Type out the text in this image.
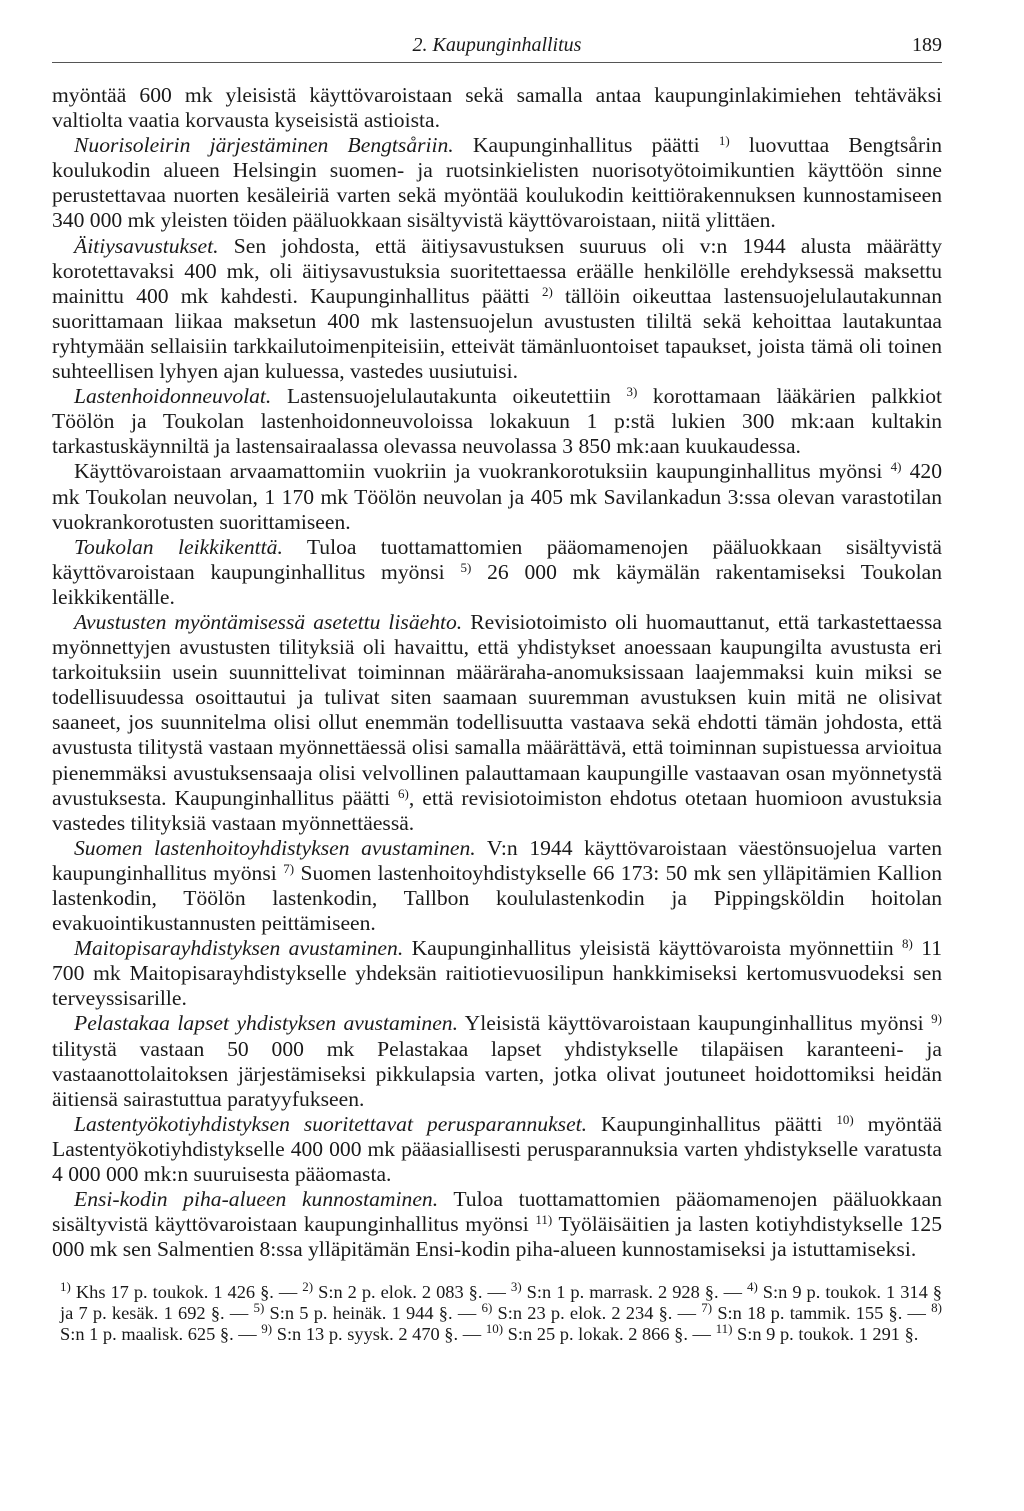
2. Kaupunginhallitus	189

myöntää 600 mk yleisistä käyttövaroistaan sekä samalla antaa kaupunginlakimiehen tehtäväksi valtiolta vaatia korvausta kyseisistä astioista.

Nuorisoleirin järjestäminen Bengtsåriin. Kaupunginhallitus päätti $^{1)}$ luovuttaa Bengtsårin koulukodin alueen Helsingin suomen- ja ruotsinkielisten nuorisotyötoimikuntien käyttöön sinne perustettavaa nuorten kesäleiriä varten sekä myöntää koulukodin keittiörakennuksen kunnostamiseen 340 000 mk yleisten töiden pääluokkaan sisältyvistä käyttövaroistaan, niitä ylittäen.

Äitiysavustukset. Sen johdosta, että äitiysavustuksen suuruus oli v:n 1944 alusta määrätty korotettavaksi 400 mk, oli äitiysavustuksia suoritettaessa eräälle henkilölle erehdyksessä maksettu mainittu 400 mk kahdesti. Kaupunginhallitus päätti $^{2)}$ tällöin oikeuttaa lastensuojelulautakunnan suorittamaan liikaa maksetun 400 mk lastensuojelun avustusten tililtä sekä kehoittaa lautakuntaa ryhtymään sellaisiin tarkkailutoimenpiteisiin, etteivät tämänluontoiset tapaukset, joista tämä oli toinen suhteellisen lyhyen ajan kuluessa, vastedes uusiutuisi.

Lastenhoidonneuvolat. Lastensuojelulautakunta oikeutettiin $^{3)}$ korottamaan lääkärien palkkiot Töölön ja Toukolan lastenhoidonneuvoloissa lokakuun 1 p:stä lukien 300 mk:aan kultakin tarkastuskäynniltä ja lastensairaalassa olevassa neuvolassa 3 850 mk:aan kuukaudessa.

Käyttövaroistaan arvaamattomiin vuokriin ja vuokrankorotuksiin kaupunginhallitus myönsi $^{4)}$ 420 mk Toukolan neuvolan, 1 170 mk Töölön neuvolan ja 405 mk Savilankadun 3:ssa olevan varastotilan vuokrankorotusten suorittamiseen.

Toukolan leikkikenttä. Tuloa tuottamattomien pääomamenojen pääluokkaan sisältyvistä käyttövaroistaan kaupunginhallitus myönsi $^{5)}$ 26 000 mk käymälän rakentamiseksi Toukolan leikkikentälle.

Avustusten myöntämisessä asetettu lisäehto. Revisiotoimisto oli huomauttanut, että tarkastettaessa myönnettyjen avustusten tilityksiä oli havaittu, että yhdistykset anoessaan kaupungilta avustusta eri tarkoituksiin usein suunnittelivat toiminnan määräraha-anomuksissaan laajemmaksi kuin miksi se todellisuudessa osoittautui ja tulivat siten saamaan suuremman avustuksen kuin mitä ne olisivat saaneet, jos suunnitelma olisi ollut enemmän todellisuutta vastaava sekä ehdotti tämän johdosta, että avustusta tilitystä vastaan myönnettäessä olisi samalla määrättävä, että toiminnan supistuessa arvioitua pienemmäksi avustuksensaaja olisi velvollinen palauttamaan kaupungille vastaavan osan myönnetystä avustuksesta. Kaupunginhallitus päätti $^{6)}$, että revisiotoimiston ehdotus otetaan huomioon avustuksia vastedes tilityksiä vastaan myönnettäessä.

Suomen lastenhoitoyhdistyksen avustaminen. V:n 1944 käyttövaroistaan väestönsuojelua varten kaupunginhallitus myönsi $^{7)}$ Suomen lastenhoitoyhdistykselle 66 173: 50 mk sen ylläpitämien Kallion lastenkodin, Töölön lastenkodin, Tallbon koululastenkodin ja Pippingsköldin hoitolan evakuointikustannusten peittämiseen.

Maitopisarayhdistyksen avustaminen. Kaupunginhallitus yleisistä käyttövaroista myönnettiin $^{8)}$ 11 700 mk Maitopisarayhdistykselle yhdeksän raitiotievuosilipun hankkimiseksi kertomusvuodeksi sen terveyssisarille.

Pelastakaa lapset yhdistyksen avustaminen. Yleisistä käyttövaroistaan kaupunginhallitus myönsi $^{9)}$ tilitystä vastaan 50 000 mk Pelastakaa lapset yhdistykselle tilapäisen karanteeni- ja vastaanottolaitoksen järjestämiseksi pikkulapsia varten, jotka olivat joutuneet hoidottomiksi heidän äitiensä sairastuttua paratyyfukseen.

Lastentyökotiyhdistyksen suoritettavat perusparannukset. Kaupunginhallitus päätti $^{10)}$ myöntää Lastentyökotiyhdistykselle 400 000 mk pääasiallisesti perusparannuksia varten yhdistykselle varatusta 4 000 000 mk:n suuruisesta pääomasta.

Ensi-kodin piha-alueen kunnostaminen. Tuloa tuottamattomien pääomamenojen pääluokkaan sisältyvistä käyttövaroistaan kaupunginhallitus myönsi $^{11)}$ Työläisäitien ja lasten kotiyhdistykselle 125 000 mk sen Salmentien 8:ssa ylläpitämän Ensi-kodin piha-alueen kunnostamiseksi ja istuttamiseksi.

$^{1)}$ Khs 17 p. toukok. 1 426 §. — $^{2)}$ S:n 2 p. elok. 2 083 §. — $^{3)}$ S:n 1 p. marrask. 2 928 §. — $^{4)}$ S:n 9 p. toukok. 1 314 § ja 7 p. kesäk. 1 692 §. — $^{5)}$ S:n 5 p. heinäk. 1 944 §. — $^{6)}$ S:n 23 p. elok. 2 234 §. — $^{7)}$ S:n 18 p. tammik. 155 §. — $^{8)}$ S:n 1 p. maalisk. 625 §. — $^{9)}$ S:n 13 p. syysk. 2 470 §. — $^{10)}$ S:n 25 p. lokak. 2 866 §. — $^{11)}$ S:n 9 p. toukok. 1 291 §.
